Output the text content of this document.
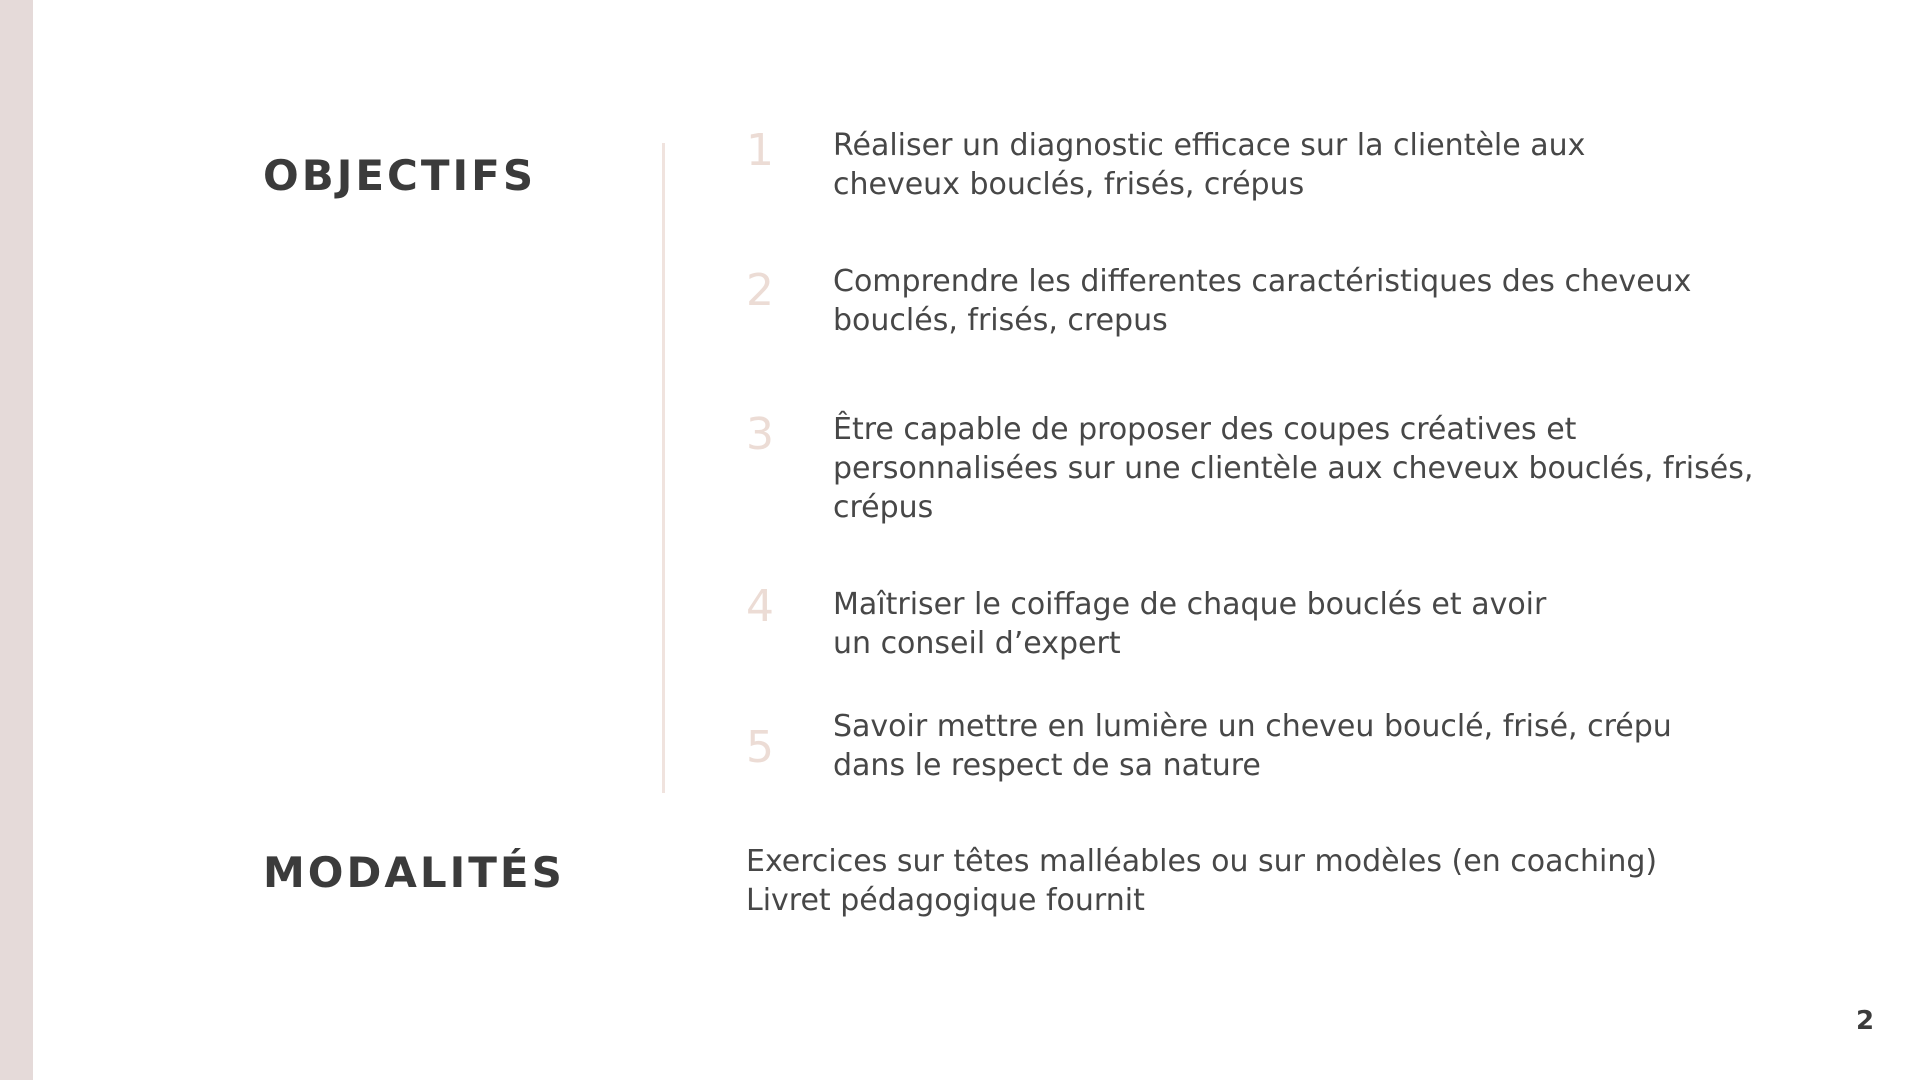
OBJECTIFS	1 Réaliser un diagnostic efficace sur la clientèle aux
cheveux bouclés, frisés, crépus

2 Comprendre les differentes caractéristiques des cheveux
bouclés, frisés, crepus

3 Être capable de proposer des coupes créatives et
personnalisées sur une clientèle aux cheveux bouclés, frisés,
crépus

4 Maîtriser le coiffage de chaque bouclés et avoir
un conseil d’expert

5 Savoir mettre en lumière un cheveu bouclé, frisé, crépu
dans le respect de sa nature

MODALITÉS	Exercices sur têtes malléables ou sur modèles (en coaching)
Livret pédagogique fournit

2
